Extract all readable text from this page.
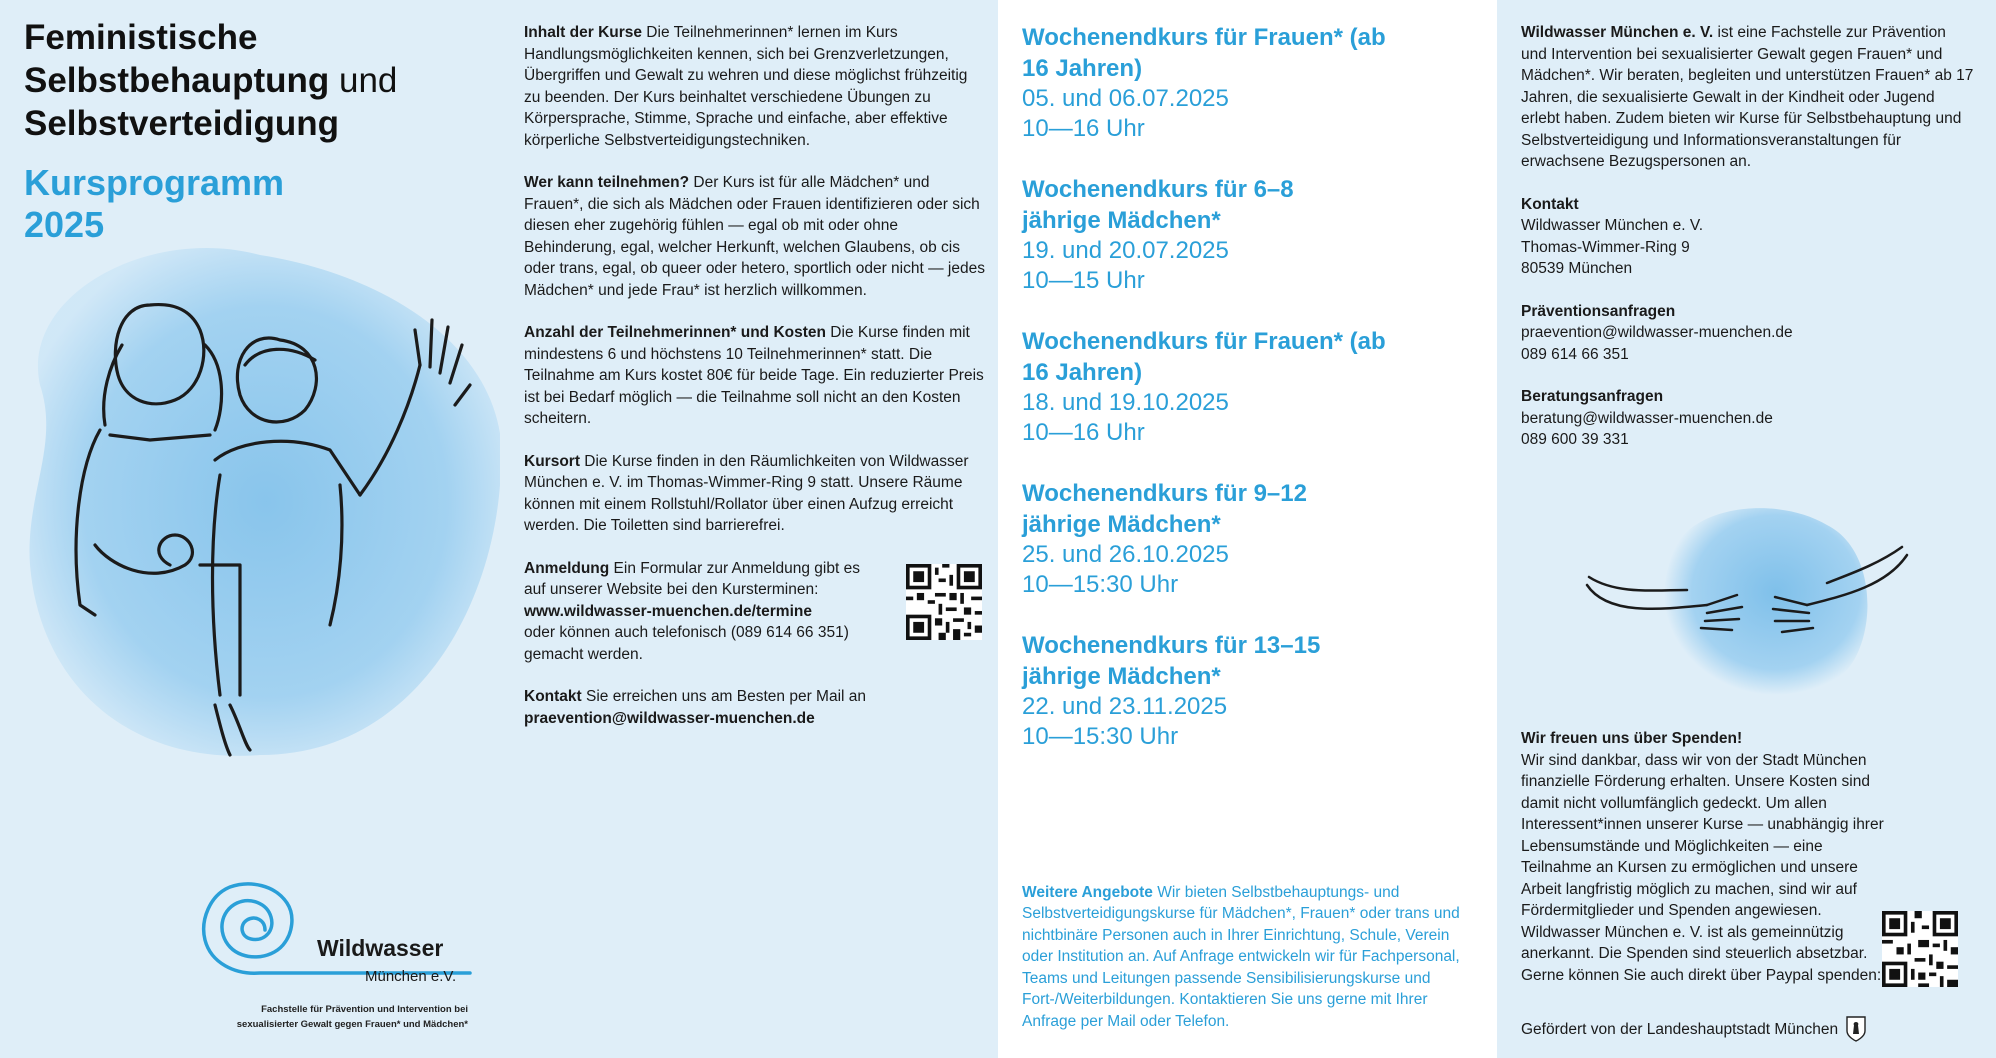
Feministische
Selbstbehauptung und
Selbstverteidigung
Kursprogramm
2025
Wildwasser
München e.V.
Fachstelle für Prävention und Intervention bei
sexualisierter Gewalt gegen Frauen* und Mädchen*

Inhalt der Kurse Die Teilnehmerinnen* lernen im Kurs Handlungsmöglichkeiten kennen, sich bei Grenzverletzungen, Übergriffen und Gewalt zu wehren und diese möglichst frühzeitig zu beenden. Der Kurs beinhaltet verschiedene Übungen zu Körpersprache, Stimme, Sprache und einfache, aber effektive körperliche Selbstverteidigungstechniken.

Wer kann teilnehmen? Der Kurs ist für alle Mädchen* und Frauen*, die sich als Mädchen oder Frauen identifizieren oder sich diesen eher zugehörig fühlen — egal ob mit oder ohne Behinderung, egal, welcher Herkunft, welchen Glaubens, ob cis oder trans, egal, ob queer oder hetero, sportlich oder nicht — jedes Mädchen* und jede Frau* ist herzlich willkommen.

Anzahl der Teilnehmerinnen* und Kosten Die Kurse finden mit mindestens 6 und höchstens 10 Teilnehmerinnen* statt. Die Teilnahme am Kurs kostet 80€ für beide Tage. Ein reduzierter Preis ist bei Bedarf möglich — die Teilnahme soll nicht an den Kosten scheitern.

Kursort Die Kurse finden in den Räumlichkeiten von Wildwasser München e. V. im Thomas-Wimmer-Ring 9 statt. Unsere Räume können mit einem Rollstuhl/Rollator über einen Aufzug erreicht werden. Die Toiletten sind barrierefrei.

Anmeldung Ein Formular zur Anmeldung gibt es auf unserer Website bei den Kursterminen:
www.wildwasser-muenchen.de/termine
oder können auch telefonisch (089 614 66 351) gemacht werden.

Kontakt Sie erreichen uns am Besten per Mail an praevention@wildwasser-muenchen.de

Wochenendkurs für Frauen* (ab 16 Jahren)
05. und 06.07.2025
10—16 Uhr
Wochenendkurs für 6–8 jährige Mädchen*
19. und 20.07.2025
10—15 Uhr
Wochenendkurs für Frauen* (ab 16 Jahren)
18. und 19.10.2025
10—16 Uhr
Wochenendkurs für 9–12 jährige Mädchen*
25. und 26.10.2025
10—15:30 Uhr
Wochenendkurs für 13–15 jährige Mädchen*
22. und 23.11.2025
10—15:30 Uhr

Weitere Angebote Wir bieten Selbstbehauptungs- und Selbstverteidigungskurse für Mädchen*, Frauen* oder trans und nichtbinäre Personen auch in Ihrer Einrichtung, Schule, Verein oder Institution an. Auf Anfrage entwickeln wir für Fachpersonal, Teams und Leitungen passende Sensibilisierungskurse und Fort-/Weiterbildungen. Kontaktieren Sie uns gerne mit Ihrer Anfrage per Mail oder Telefon.

Wildwasser München e. V. ist eine Fachstelle zur Prävention und Intervention bei sexualisierter Gewalt gegen Frauen* und Mädchen*. Wir beraten, begleiten und unterstützen Frauen* ab 17 Jahren, die sexualisierte Gewalt in der Kindheit oder Jugend erlebt haben. Zudem bieten wir Kurse für Selbstbehauptung und Selbstverteidigung und Informationsveranstaltungen für erwachsene Bezugspersonen an.

Kontakt
Wildwasser München e. V.
Thomas-Wimmer-Ring 9
80539 München

Präventionsanfragen
praevention@wildwasser-muenchen.de
089 614 66 351

Beratungsanfragen
beratung@wildwasser-muenchen.de
089 600 39 331

Wir freuen uns über Spenden!
Wir sind dankbar, dass wir von der Stadt München finanzielle Förderung erhalten. Unsere Kosten sind damit nicht vollumfänglich gedeckt. Um allen Interessent*innen unserer Kurse — unabhängig ihrer Lebensumstände und Möglichkeiten — eine Teilnahme an Kursen zu ermöglichen und unsere Arbeit langfristig möglich zu machen, sind wir auf Fördermitglieder und Spenden angewiesen. Wildwasser München e. V. ist als gemeinnützig anerkannt. Die Spenden sind steuerlich absetzbar. Gerne können Sie auch direkt über Paypal spenden:
Gefördert von der Landeshauptstadt München
